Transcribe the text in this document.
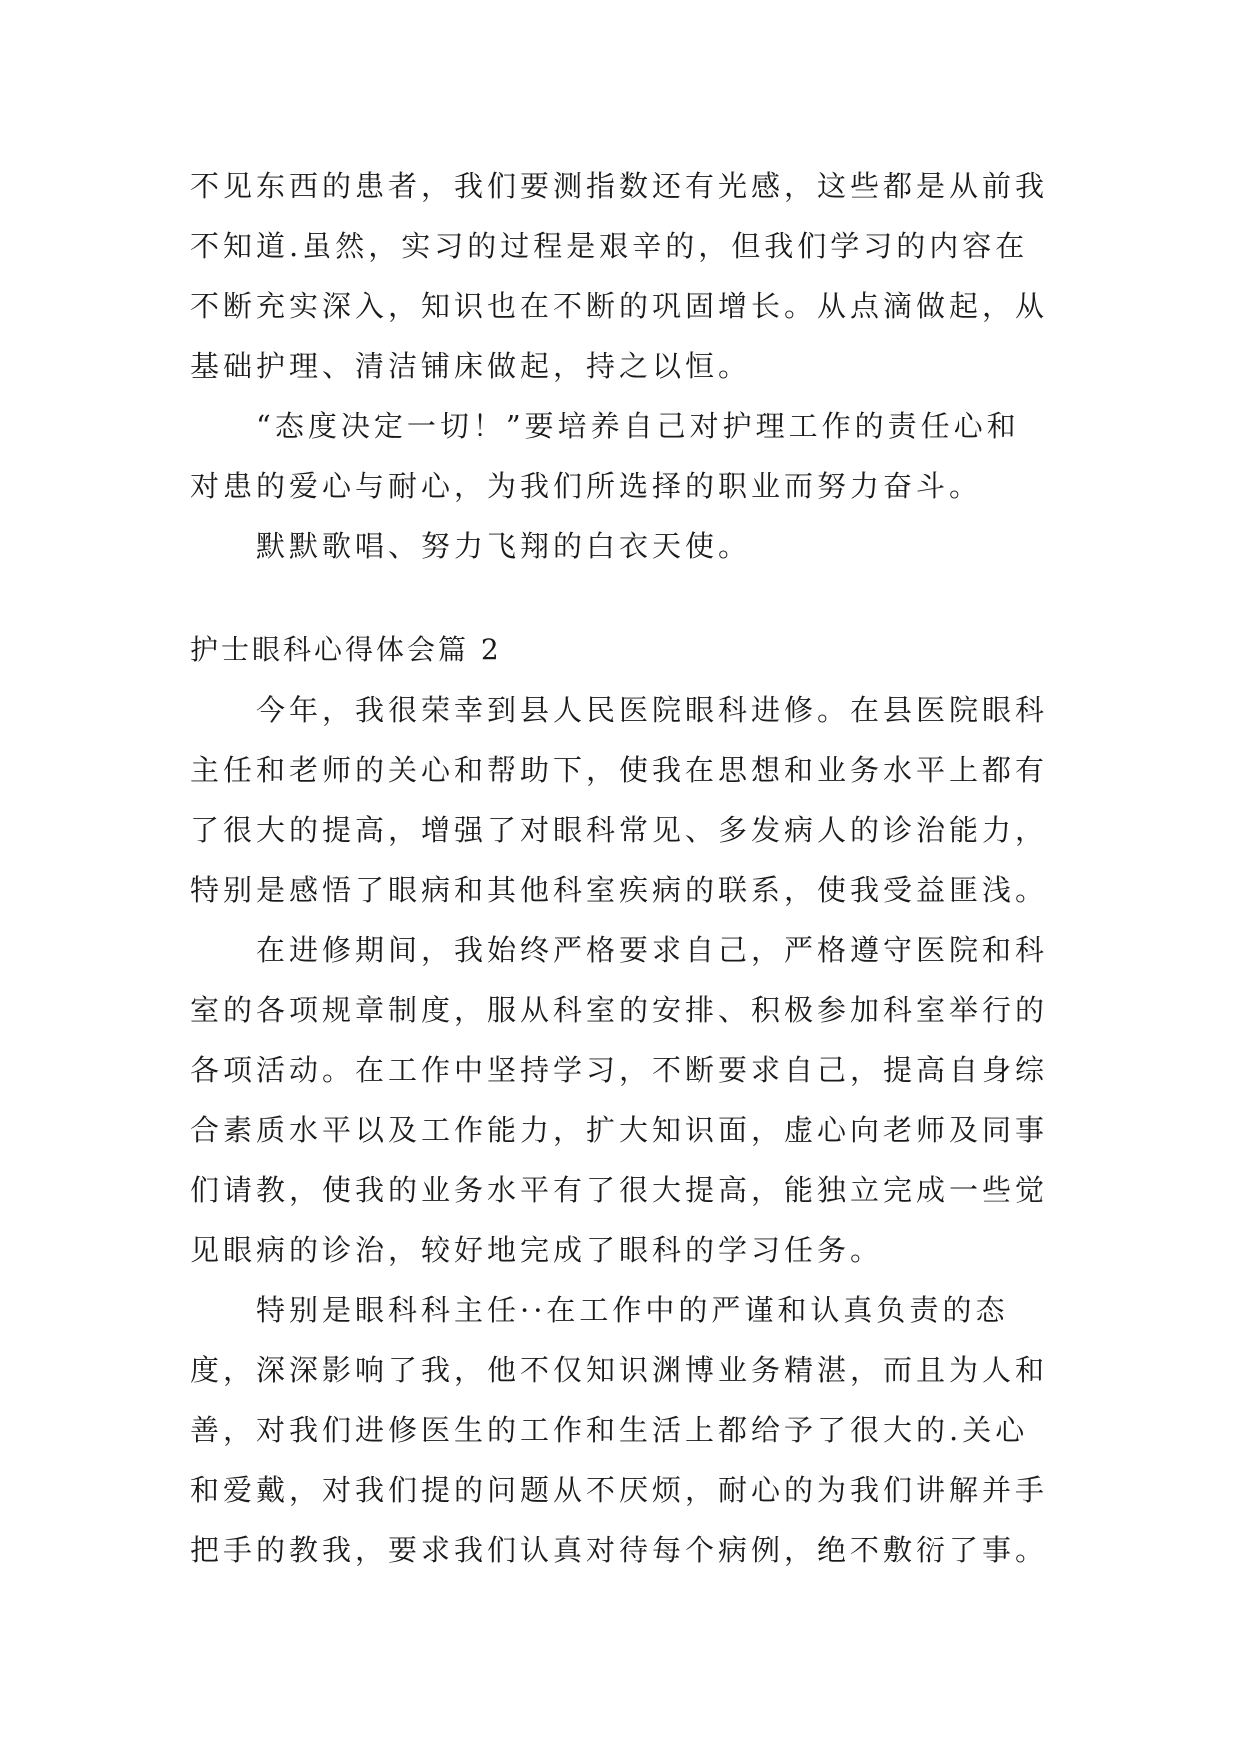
不见东西的患者，我们要测指数还有光感，这些都是从前我
不知道.虽然，实习的过程是艰辛的，但我们学习的内容在
不断充实深入，知识也在不断的巩固增长。从点滴做起，从
基础护理、清洁铺床做起，持之以恒。
　　“态度决定一切！”要培养自己对护理工作的责任心和
对患的爱心与耐心，为我们所选择的职业而努力奋斗。
　　默默歌唱、努力飞翔的白衣天使。
护士眼科心得体会篇 2
　　今年，我很荣幸到县人民医院眼科进修。在县医院眼科
主任和老师的关心和帮助下，使我在思想和业务水平上都有
了很大的提高，增强了对眼科常见、多发病人的诊治能力，
特别是感悟了眼病和其他科室疾病的联系，使我受益匪浅。
　　在进修期间，我始终严格要求自己，严格遵守医院和科
室的各项规章制度，服从科室的安排、积极参加科室举行的
各项活动。在工作中坚持学习，不断要求自己，提高自身综
合素质水平以及工作能力，扩大知识面，虚心向老师及同事
们请教，使我的业务水平有了很大提高，能独立完成一些觉
见眼病的诊治，较好地完成了眼科的学习任务。
　　特别是眼科科主任··在工作中的严谨和认真负责的态
度，深深影响了我，他不仅知识渊博业务精湛，而且为人和
善，对我们进修医生的工作和生活上都给予了很大的.关心
和爱戴，对我们提的问题从不厌烦，耐心的为我们讲解并手
把手的教我，要求我们认真对待每个病例，绝不敷衍了事。
